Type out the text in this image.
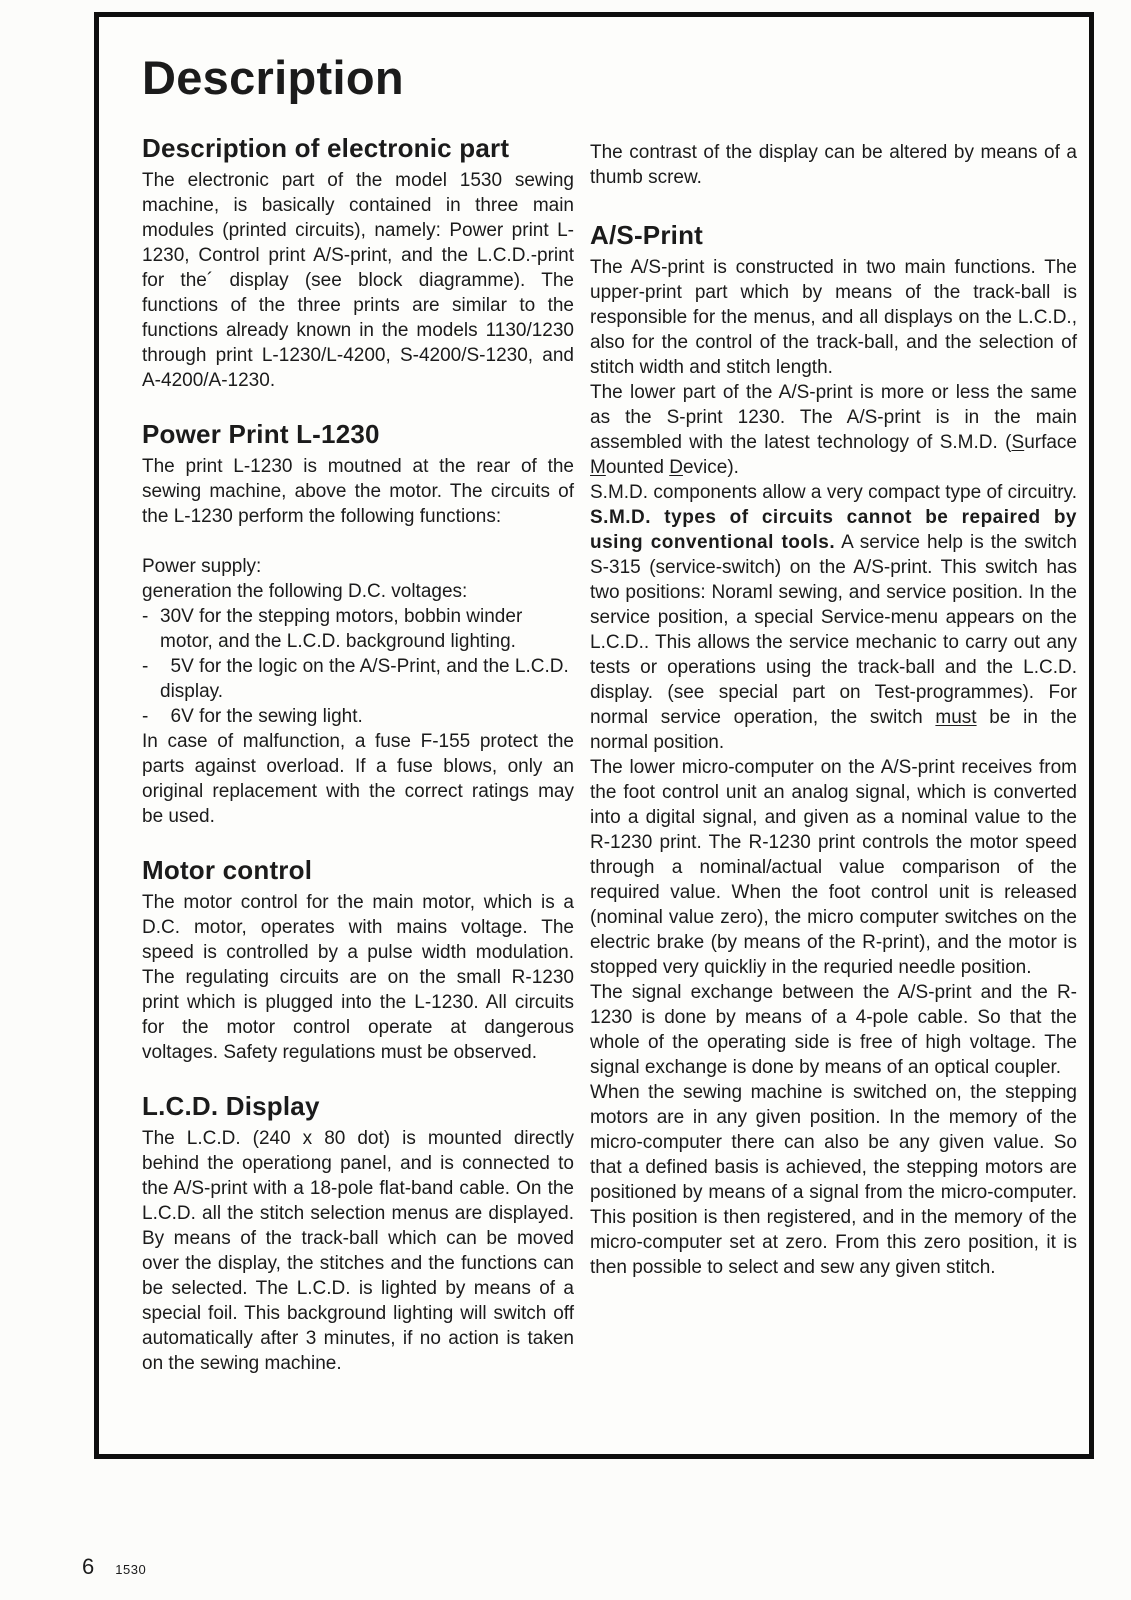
Description
Description of electronic part

The electronic part of the model 1530 sewing machine, is basically contained in three main modules (printed circuits), namely: Power print L-1230, Control print A/S-print, and the L.C.D.-print for the´ display (see block diagramme). The functions of the three prints are similar to the functions already known in the models 1130/1230 through print L-1230/L-4200, S-4200/S-1230, and A-4200/A-1230.

Power Print L-1230

The print L-1230 is moutned at the rear of the sewing machine, above the motor. The circuits of the L-1230 perform the following functions:

Power supply:

generation the following D.C. voltages:

- 30V for the stepping motors, bobbin winder motor, and the L.C.D. background lighting.
- 5V for the logic on the A/S-Print, and the L.C.D. display.
- 6V for the sewing light.

In case of malfunction, a fuse F-155 protect the parts against overload. If a fuse blows, only an original replacement with the correct ratings may be used.

Motor control

The motor control for the main motor, which is a D.C. motor, operates with mains voltage. The speed is controlled by a pulse width modulation. The regulating circuits are on the small R-1230 print which is plugged into the L-1230. All circuits for the motor control operate at dangerous voltages. Safety regulations must be observed.

L.C.D. Display

The L.C.D. (240 x 80 dot) is mounted directly behind the operationg panel, and is connected to the A/S-print with a 18-pole flat-band cable. On the L.C.D. all the stitch selection menus are displayed. By means of the track-ball which can be moved over the display, the stitches and the functions can be selected. The L.C.D. is lighted by means of a special foil. This background lighting will switch off automatically after 3 minutes, if no action is taken on the sewing machine.

The contrast of the display can be altered by means of a thumb screw.

A/S-Print

The A/S-print is constructed in two main functions. The upper-print part which by means of the track-ball is responsible for the menus, and all displays on the L.C.D., also for the control of the track-ball, and the selection of stitch width and stitch length.

The lower part of the A/S-print is more or less the same as the S-print 1230. The A/S-print is in the main assembled with the latest technology of S.M.D. (Surface Mounted Device).

S.M.D. components allow a very compact type of circuitry. S.M.D. types of circuits cannot be repaired by using conventional tools. A service help is the switch S-315 (service-switch) on the A/S-print. This switch has two positions: Noraml sewing, and service position. In the service position, a special Service-menu appears on the L.C.D.. This allows the service mechanic to carry out any tests or operations using the track-ball and the L.C.D. display. (see special part on Test-programmes). For normal service operation, the switch must be in the normal position.

The lower micro-computer on the A/S-print receives from the foot control unit an analog signal, which is converted into a digital signal, and given as a nominal value to the R-1230 print. The R-1230 print controls the motor speed through a nominal/actual value comparison of the required value. When the foot control unit is released (nominal value zero), the micro computer switches on the electric brake (by means of the R-print), and the motor is stopped very quickliy in the requried needle position.

The signal exchange between the A/S-print and the R-1230 is done by means of a 4-pole cable. So that the whole of the operating side is free of high voltage. The signal exchange is done by means of an optical coupler.

When the sewing machine is switched on, the stepping motors are in any given position. In the memory of the micro-computer there can also be any given value. So that a defined basis is achieved, the stepping motors are positioned by means of a signal from the micro-computer. This position is then registered, and in the memory of the micro-computer set at zero. From this zero position, it is then possible to select and sew any given stitch.

6 1530
